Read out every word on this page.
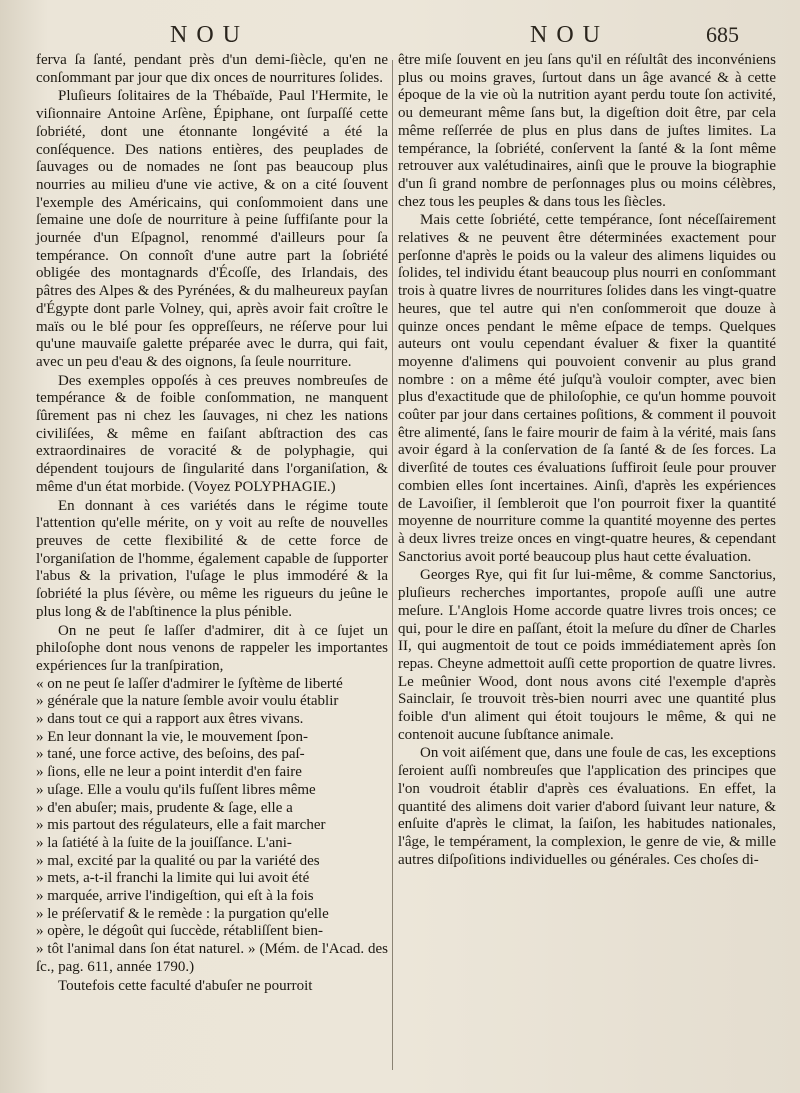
NOU	NOU	685

ferva ſa ſanté, pendant près d'un demi-ſiècle, qu'en ne conſommant par jour que dix onces de nourritures ſolides.

Pluſieurs ſolitaires de la Thébaïde, Paul l'Hermite, le viſionnaire Antoine Arſène, Épiphane, ont ſurpaſſé cette ſobriété, dont une étonnante longévité a été la conſéquence. Des nations entières, des peuplades de ſauvages ou de nomades ne ſont pas beaucoup plus nourries au milieu d'une vie active, & on a cité ſouvent l'exemple des Américains, qui conſommoient dans une ſemaine une doſe de nourriture à peine ſuffiſante pour la journée d'un Eſpagnol, renommé d'ailleurs pour ſa tempérance. On connoît d'une autre part la ſobriété obligée des montagnards d'Écoſſe, des Irlandais, des pâtres des Alpes & des Pyrénées, & du malheureux payſan d'Égypte dont parle Volney, qui, après avoir fait croître le maïs ou le blé pour ſes oppreſſeurs, ne réſerve pour lui qu'une mauvaiſe galette préparée avec le durra, qui fait, avec un peu d'eau & des oignons, ſa ſeule nourriture.

Des exemples oppoſés à ces preuves nombreuſes de tempérance & de foible conſommation, ne manquent ſûrement pas ni chez les ſauvages, ni chez les nations civiliſées, & même en faiſant abſtraction des cas extraordinaires de voracité & de polyphagie, qui dépendent toujours de ſingularité dans l'organiſation, & même d'un état morbide. (Voyez POLYPHAGIE.)

En donnant à ces variétés dans le régime toute l'attention qu'elle mérite, on y voit au reſte de nouvelles preuves de cette flexibilité & de cette force de l'organiſation de l'homme, également capable de ſupporter l'abus & la privation, l'uſage le plus immodéré & la ſobriété la plus ſévère, ou même les rigueurs du jeûne le plus long & de l'abſtinence la plus pénible.

On ne peut ſe laſſer d'admirer, dit à ce ſujet un philoſophe dont nous venons de rappeler les importantes expériences ſur la tranſpiration,
« on ne peut ſe laſſer d'admirer le ſyſtème de liberté
» générale que la nature ſemble avoir voulu établir
» dans tout ce qui a rapport aux êtres vivans.
» En leur donnant la vie, le mouvement ſpon-
» tané, une force active, des beſoins, des paſ-
» ſions, elle ne leur a point interdit d'en faire
» uſage. Elle a voulu qu'ils fuſſent libres même
» d'en abuſer; mais, prudente & ſage, elle a
» mis partout des régulateurs, elle a fait marcher
» la ſatiété à la ſuite de la jouiſſance. L'ani-
» mal, excité par la qualité ou par la variété des
» mets, a-t-il franchi la limite qui lui avoit été
» marquée, arrive l'indigeſtion, qui eſt à la fois
» le préſervatif & le remède : la purgation qu'elle
» opère, le dégoût qui ſuccède, rétabliſſent bien-
» tôt l'animal dans ſon état naturel. » (Mém. de l'Acad. des ſc., pag. 611, année 1790.)

Toutefois cette faculté d'abuſer ne pourroit

être miſe ſouvent en jeu ſans qu'il en réſultât des inconvéniens plus ou moins graves, ſurtout dans un âge avancé & à cette époque de la vie où la nutrition ayant perdu toute ſon activité, ou demeurant même ſans but, la digeſtion doit être, par cela même reſſerrée de plus en plus dans de juſtes limites. La tempérance, la ſobriété, conſervent la ſanté & la ſont même retrouver aux valétudinaires, ainſi que le prouve la biographie d'un ſi grand nombre de perſonnages plus ou moins célèbres, chez tous les peuples & dans tous les ſiècles.

Mais cette ſobriété, cette tempérance, ſont néceſſairement relatives & ne peuvent être déterminées exactement pour perſonne d'après le poids ou la valeur des alimens liquides ou ſolides, tel individu étant beaucoup plus nourri en conſommant trois à quatre livres de nourritures ſolides dans les vingt-quatre heures, que tel autre qui n'en conſommeroit que douze à quinze onces pendant le même eſpace de temps. Quelques auteurs ont voulu cependant évaluer & fixer la quantité moyenne d'alimens qui pouvoient convenir au plus grand nombre : on a même été juſqu'à vouloir compter, avec bien plus d'exactitude que de philoſophie, ce qu'un homme pouvoit coûter par jour dans certaines poſitions, & comment il pouvoit être alimenté, ſans le faire mourir de faim à la vérité, mais ſans avoir égard à la conſervation de ſa ſanté & de ſes forces. La diverſité de toutes ces évaluations ſuffiroit ſeule pour prouver combien elles ſont incertaines. Ainſi, d'après les expériences de Lavoiſier, il ſembleroit que l'on pourroit fixer la quantité moyenne de nourriture comme la quantité moyenne des pertes à deux livres treize onces en vingt-quatre heures, & cependant Sanctorius avoit porté beaucoup plus haut cette évaluation.

Georges Rye, qui fit ſur lui-même, & comme Sanctorius, pluſieurs recherches importantes, propoſe auſſi une autre meſure. L'Anglois Home accorde quatre livres trois onces; ce qui, pour le dire en paſſant, étoit la meſure du dîner de Charles II, qui augmentoit de tout ce poids immédiatement après ſon repas. Cheyne admettoit auſſi cette proportion de quatre livres. Le meûnier Wood, dont nous avons cité l'exemple d'après Sainclair, ſe trouvoit très-bien nourri avec une quantité plus foible d'un aliment qui étoit toujours le même, & qui ne contenoit aucune ſubſtance animale.

On voit aiſément que, dans une foule de cas, les exceptions ſeroient auſſi nombreuſes que l'application des principes que l'on voudroit établir d'après ces évaluations. En effet, la quantité des alimens doit varier d'abord ſuivant leur nature, & enſuite d'après le climat, la ſaiſon, les habitudes nationales, l'âge, le tempérament, la complexion, le genre de vie, & mille autres diſpoſitions individuelles ou générales. Ces choſes di-
